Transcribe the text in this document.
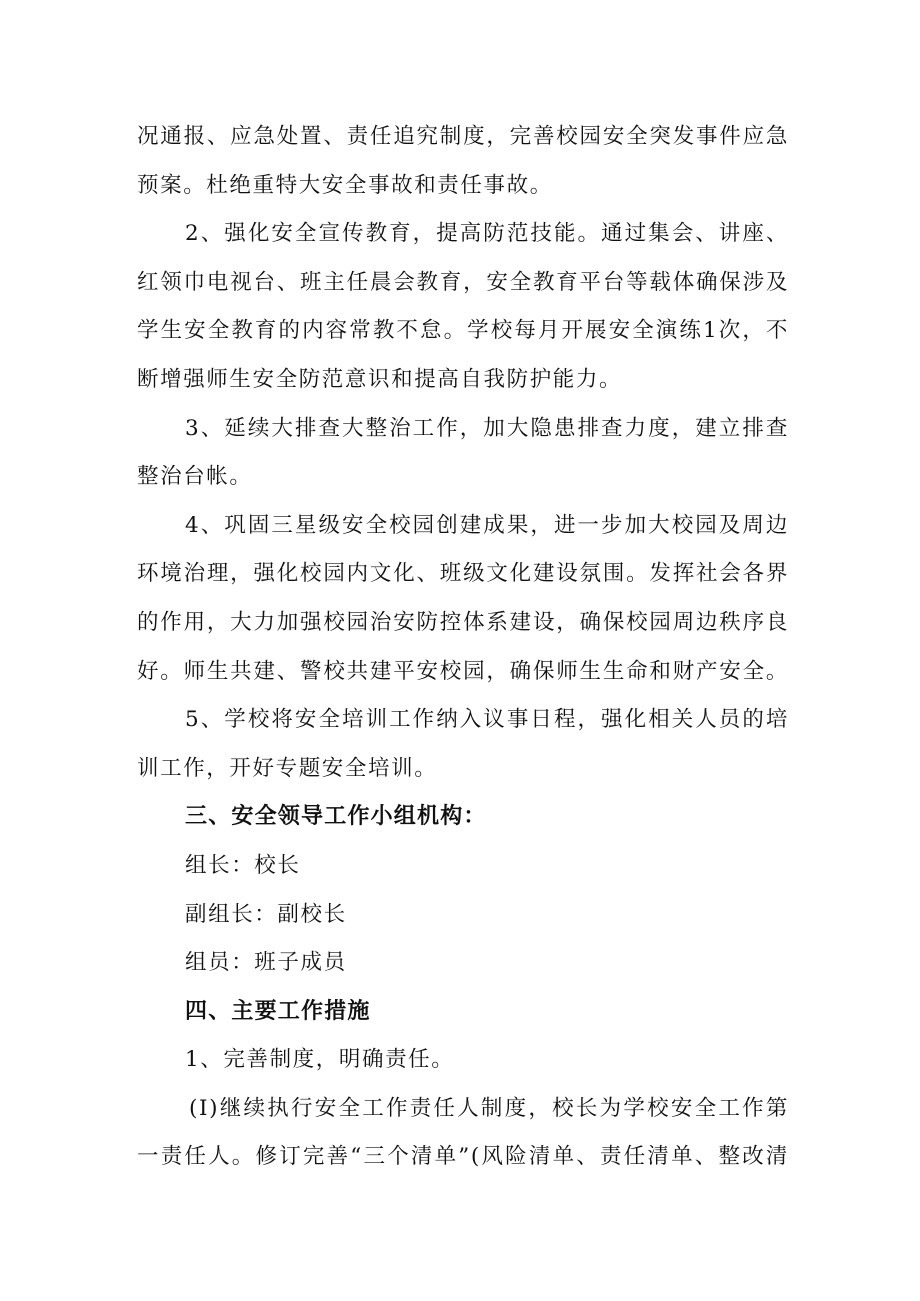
况通报、应急处置、责任追究制度，完善校园安全突发事件应急
预案。杜绝重特大安全事故和责任事故。
2、强化安全宣传教育，提高防范技能。通过集会、讲座、
红领巾电视台、班主任晨会教育，安全教育平台等载体确保涉及
学生安全教育的内容常教不怠。学校每月开展安全演练1次，不
断增强师生安全防范意识和提高自我防护能力。
3、延续大排查大整治工作，加大隐患排查力度，建立排查
整治台帐。
4、巩固三星级安全校园创建成果，进一步加大校园及周边
环境治理，强化校园内文化、班级文化建设氛围。发挥社会各界
的作用，大力加强校园治安防控体系建设，确保校园周边秩序良
好。师生共建、警校共建平安校园，确保师生生命和财产安全。
5、学校将安全培训工作纳入议事日程，强化相关人员的培
训工作，开好专题安全培训。
三、安全领导工作小组机构：
组长：校长
副组长：副校长
组员：班子成员
四、主要工作措施
1、完善制度，明确责任。
(I)继续执行安全工作责任人制度，校长为学校安全工作第
一责任人。修订完善“三个清单”(风险清单、责任清单、整改清
